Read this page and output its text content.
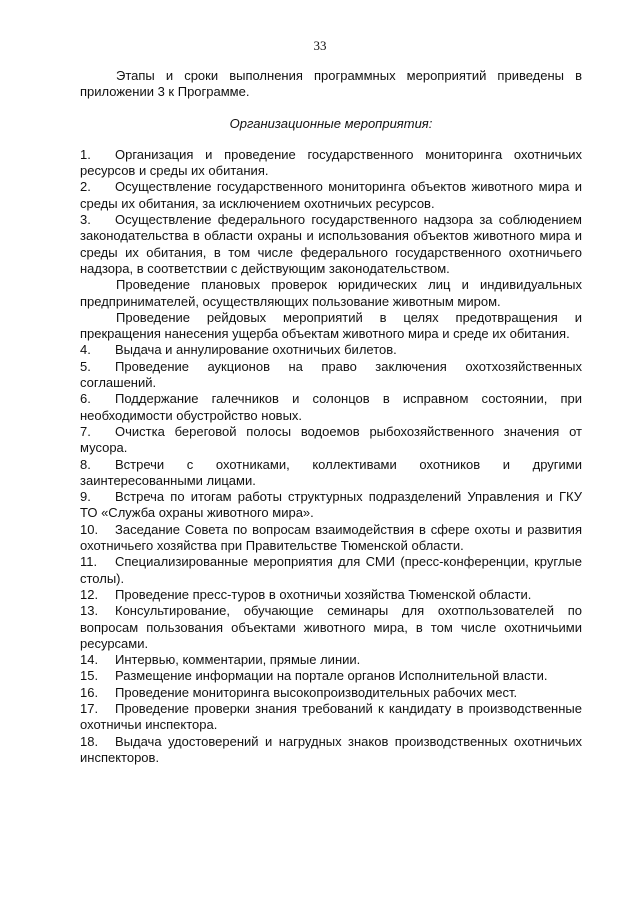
33

Этапы и сроки выполнения программных мероприятий приведены в приложении 3 к Программе.

Организационные мероприятия:

1. Организация и проведение государственного мониторинга охотничьих ресурсов и среды их обитания.

2. Осуществление государственного мониторинга объектов животного мира и среды их обитания, за исключением охотничьих ресурсов.

3. Осуществление федерального государственного надзора за соблюдением законодательства в области охраны и использования объектов животного мира и среды их обитания, в том числе федерального государственного охотничьего надзора, в соответствии с действующим законодательством.

Проведение плановых проверок юридических лиц и индивидуальных предпринимателей, осуществляющих пользование животным миром.

Проведение рейдовых мероприятий в целях предотвращения и прекращения нанесения ущерба объектам животного мира и среде их обитания.

4. Выдача и аннулирование охотничьих билетов.

5. Проведение аукционов на право заключения охотхозяйственных соглашений.

6. Поддержание галечников и солонцов в исправном состоянии, при необходимости обустройство новых.

7. Очистка береговой полосы водоемов рыбохозяйственного значения от мусора.

8. Встречи с охотниками, коллективами охотников и другими заинтересованными лицами.

9. Встреча по итогам работы структурных подразделений Управления и ГКУ ТО «Служба охраны животного мира».

10. Заседание Совета по вопросам взаимодействия в сфере охоты и развития охотничьего хозяйства при Правительстве Тюменской области.

11. Специализированные мероприятия для СМИ (пресс-конференции, круглые столы).

12. Проведение пресс-туров в охотничьи хозяйства Тюменской области.

13. Консультирование, обучающие семинары для охотпользователей по вопросам пользования объектами животного мира, в том числе охотничьими ресурсами.

14. Интервью, комментарии, прямые линии.

15. Размещение информации на портале органов Исполнительной власти.

16. Проведение мониторинга высокопроизводительных рабочих мест.

17. Проведение проверки знания требований к кандидату в производственные охотничьи инспектора.

18. Выдача удостоверений и нагрудных знаков производственных охотничьих инспекторов.
